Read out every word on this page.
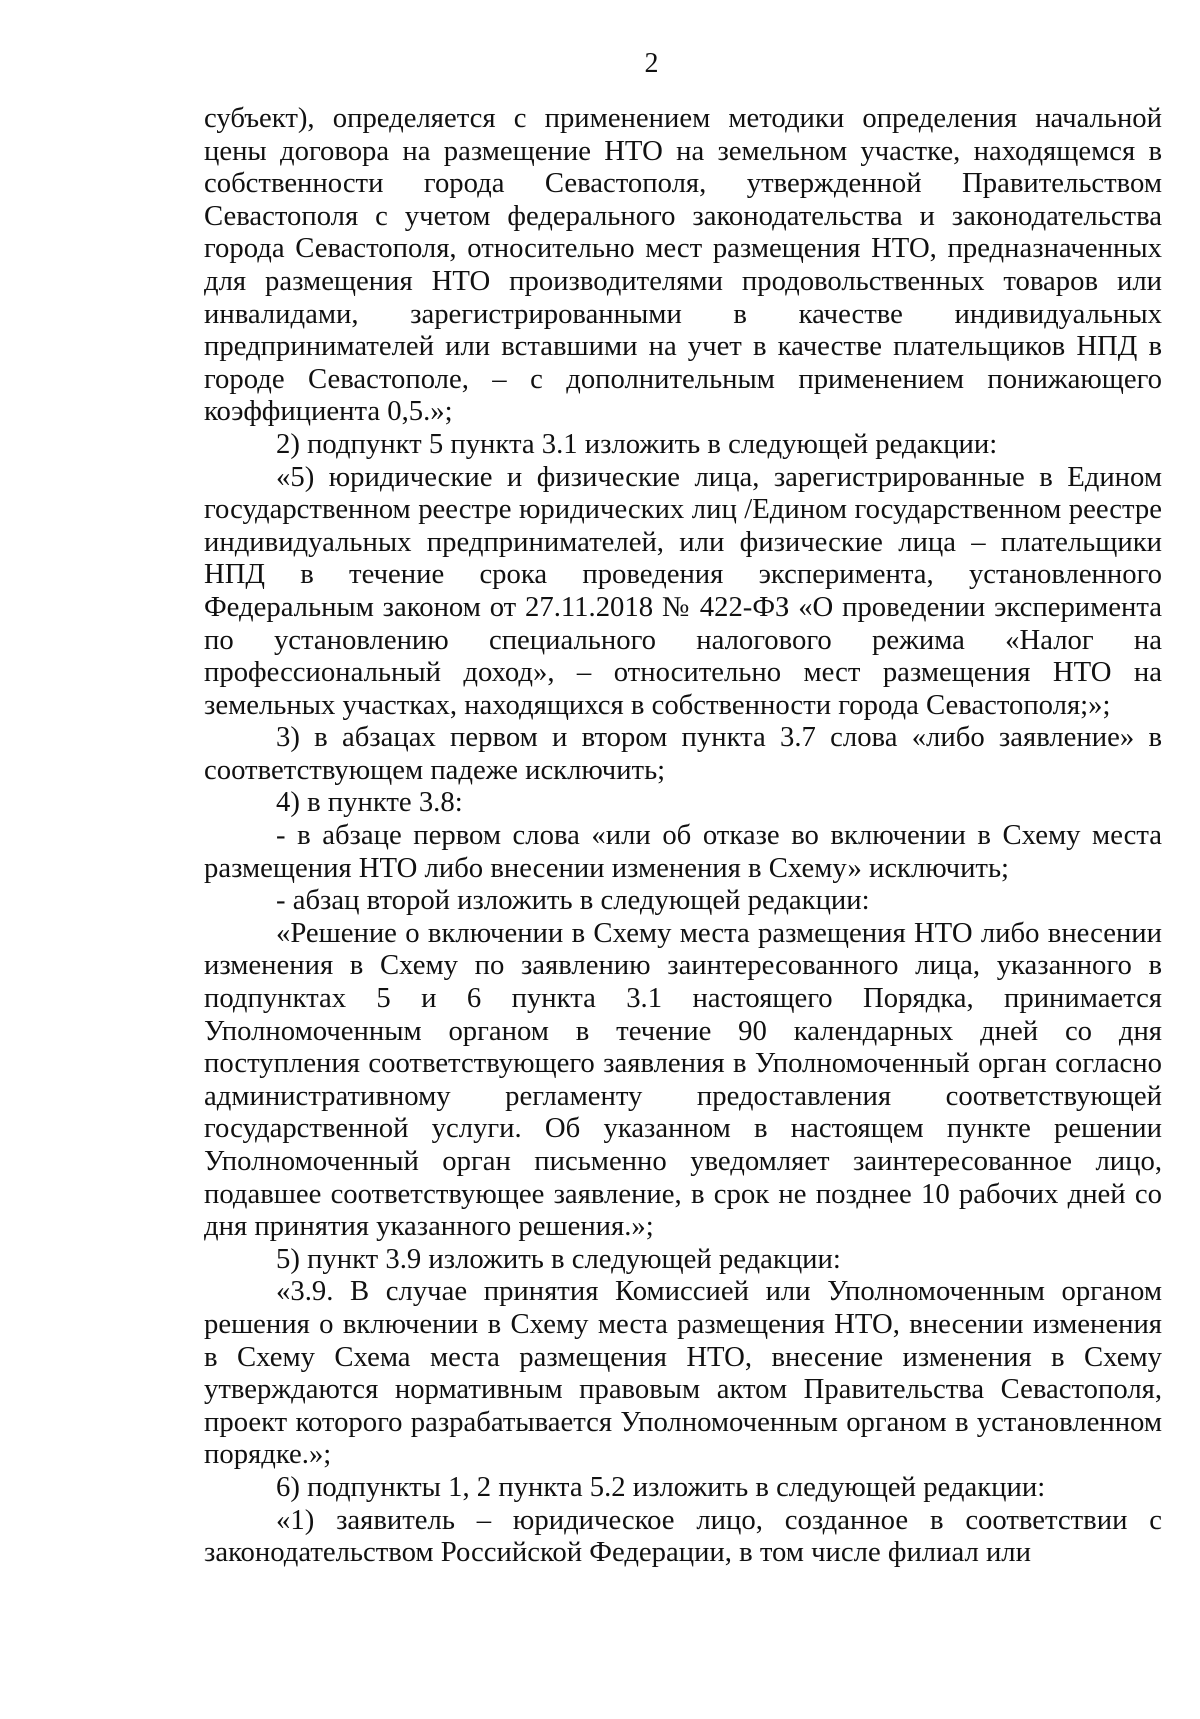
2

субъект), определяется с применением методики определения начальной цены договора на размещение НТО на земельном участке, находящемся в собственности города Севастополя, утвержденной Правительством Севастополя с учетом федерального законодательства и законодательства города Севастополя, относительно мест размещения НТО, предназначенных для размещения НТО производителями продовольственных товаров или инвалидами, зарегистрированными в качестве индивидуальных предпринимателей или вставшими на учет в качестве плательщиков НПД в городе Севастополе, – с дополнительным применением понижающего коэффициента 0,5.»;

2) подпункт 5 пункта 3.1 изложить в следующей редакции:

«5) юридические и физические лица, зарегистрированные в Едином государственном реестре юридических лиц /Едином государственном реестре индивидуальных предпринимателей, или физические лица – плательщики НПД в течение срока проведения эксперимента, установленного Федеральным законом от 27.11.2018 № 422-ФЗ «О проведении эксперимента по установлению специального налогового режима «Налог на профессиональный доход», – относительно мест размещения НТО на земельных участках, находящихся в собственности города Севастополя;»;

3) в абзацах первом и втором пункта 3.7 слова «либо заявление» в соответствующем падеже исключить;

4) в пункте 3.8:

- в абзаце первом слова «или об отказе во включении в Схему места размещения НТО либо внесении изменения в Схему» исключить;

- абзац второй изложить в следующей редакции:

«Решение о включении в Схему места размещения НТО либо внесении изменения в Схему по заявлению заинтересованного лица, указанного в подпунктах 5 и 6 пункта 3.1 настоящего Порядка, принимается Уполномоченным органом в течение 90 календарных дней со дня поступления соответствующего заявления в Уполномоченный орган согласно административному регламенту предоставления соответствующей государственной услуги. Об указанном в настоящем пункте решении Уполномоченный орган письменно уведомляет заинтересованное лицо, подавшее соответствующее заявление, в срок не позднее 10 рабочих дней со дня принятия указанного решения.»;

5) пункт 3.9 изложить в следующей редакции:

«3.9. В случае принятия Комиссией или Уполномоченным органом решения о включении в Схему места размещения НТО, внесении изменения в Схему Схема места размещения НТО, внесение изменения в Схему утверждаются нормативным правовым актом Правительства Севастополя, проект которого разрабатывается Уполномоченным органом в установленном порядке.»;

6) подпункты 1, 2 пункта 5.2 изложить в следующей редакции:

«1) заявитель – юридическое лицо, созданное в соответствии с законодательством Российской Федерации, в том числе филиал или
